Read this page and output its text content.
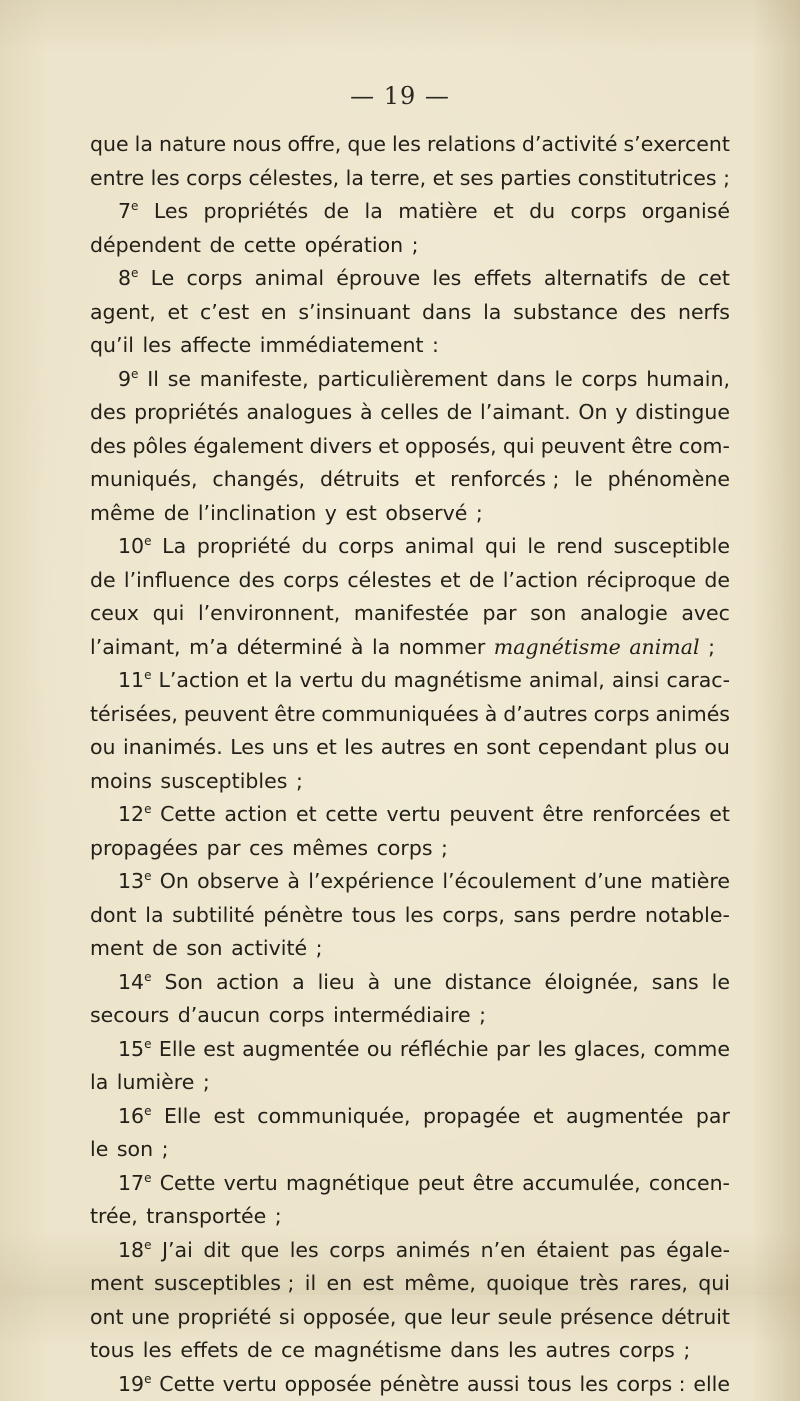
— 19 —
que la nature nous offre, que les relations d’activité s’exercent
entre les corps célestes, la terre, et ses parties constitutrices ;
7e Les propriétés de la matière et du corps organisé
dépendent
de
cette
opération
;
8e Le corps animal éprouve les effets alternatifs de cet
agent, et c’est en s’insinuant dans la substance des nerfs
qu’il
les
affecte
immédiatement :
9e Il se manifeste, particulièrement dans le corps humain,
des propriétés analogues à celles de l’aimant. On y distingue
des pôles également divers et opposés, qui peuvent être com-
muniqués, changés, détruits et renforcés ; le phénomène
même
de
l’inclination
y
est
observé
;
10e La propriété du corps animal qui le rend susceptible
de l’influence des corps célestes et de l’action réciproque de
ceux qui l’environnent, manifestée par son analogie avec
l’aimant,
m’a
déterminé
à
la
nommer
magnétisme
animal
;
11e L’action et la vertu du magnétisme animal, ainsi carac-
térisées, peuvent être communiquées à d’autres corps animés
ou inanimés. Les uns et les autres en sont cependant plus ou
moins
susceptibles
;
12e Cette action et cette vertu peuvent être renforcées et
propagées
par
ces
mêmes
corps ;
13e On observe à l’expérience l’écoulement d’une matière
dont la subtilité pénètre tous les corps, sans perdre notable-
ment
de
son
activité
;
14e Son action a lieu à une distance éloignée, sans le
secours
d’aucun
corps
intermédiaire
;
15e Elle est augmentée ou réfléchie par les glaces, comme
la
lumière
;
16e Elle est communiquée, propagée et augmentée par
le
son
;
17e Cette vertu magnétique peut être accumulée, concen-
trée,
transportée
;
18e J’ai dit que les corps animés n’en étaient pas égale-
ment susceptibles ; il en est même, quoique très rares, qui
ont une propriété si opposée, que leur seule présence détruit
tous
les
effets
de
ce
magnétisme
dans
les
autres
corps
;
19e Cette vertu opposée pénètre aussi tous les corps : elle
